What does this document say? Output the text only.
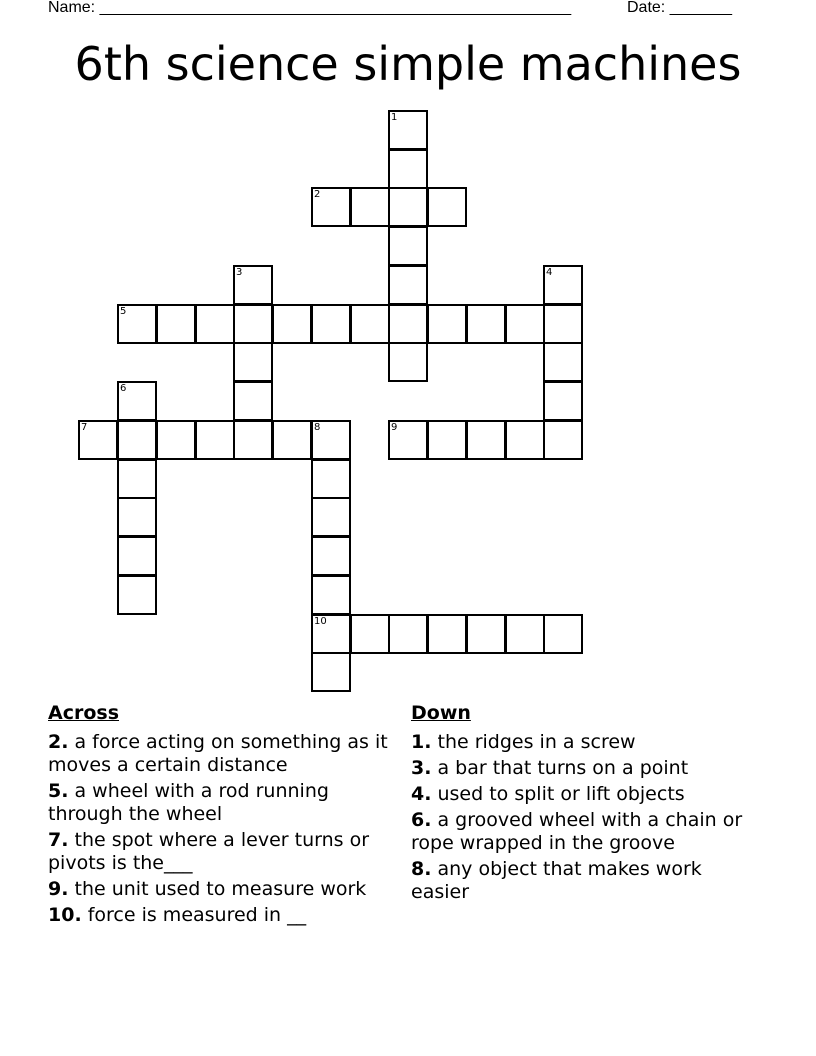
Name: _____________________________________________________	Date: _______
6th science simple machines
1
2
3	4
5
6
7	8	9
10
Across
2. a force acting on something as it moves a certain distance
5. a wheel with a rod running through the wheel
7. the spot where a lever turns or pivots is the___
9. the unit used to measure work
10. force is measured in __
Down
1. the ridges in a screw
3. a bar that turns on a point
4. used to split or lift objects
6. a grooved wheel with a chain or rope wrapped in the groove
8. any object that makes work easier
